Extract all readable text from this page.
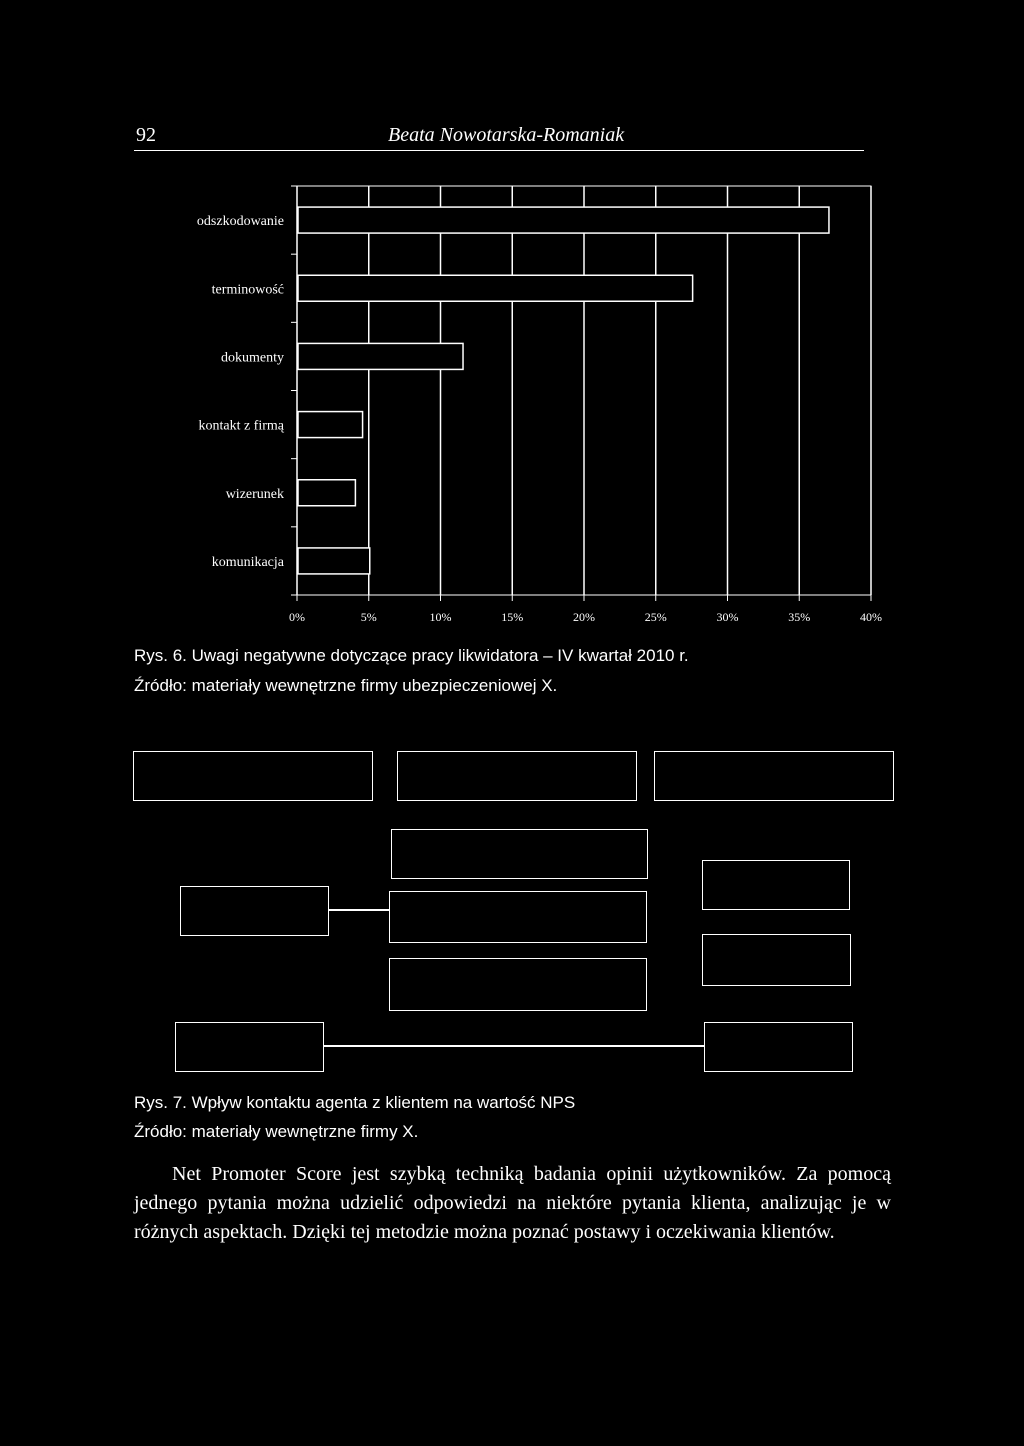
92	Beata Nowotarska-Romaniak
0%	5%	10%	15%	20%	25%	30%	35%	40%
odszkodowanie
terminowość
dokumenty
kontakt z firmą
wizerunek
komunikacja
Rys. 6. Uwagi negatywne dotyczące pracy likwidatora – IV kwartał 2010 r.
Źródło: materiały wewnętrzne firmy ubezpieczeniowej X.
Rys. 7. Wpływ kontaktu agenta z klientem na wartość NPS
Źródło: materiały wewnętrzne firmy X.

Net Promoter Score jest szybką techniką badania opinii użytkowników. Za pomocą jednego pytania można udzielić odpowiedzi na niektóre pytania klienta, analizując je w różnych aspektach. Dzięki tej metodzie można poznać postawy i oczekiwania klientów.
